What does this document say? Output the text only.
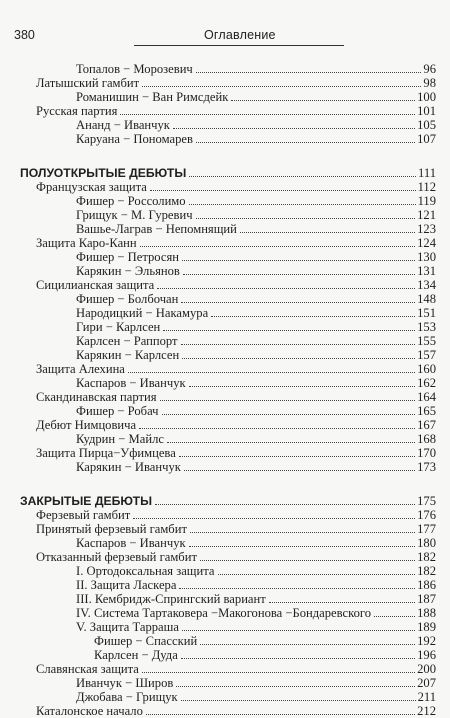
380	Оглавление
Топалов − Морозевич	96
Латышский гамбит	98
Романишин − Ван Римсдейк	100
Русская партия	101
Ананд − Иванчук	105
Каруана − Пономарев	107
ПОЛУОТКРЫТЫЕ ДЕБЮТЫ	111
Французская защита	112
Фишер − Россолимо	119
Грищук − М. Гуревич	121
Вашье-Лаграв − Непомнящий	123
Защита Каро-Канн	124
Фишер − Петросян	130
Карякин − Эльянов	131
Сицилианская защита	134
Фишер − Болбочан	148
Народицкий − Накамура	151
Гири − Карлсен	153
Карлсен − Раппорт	155
Карякин − Карлсен	157
Защита Алехина	160
Каспаров − Иванчук	162
Скандинавская партия	164
Фишер − Робач	165
Дебют Нимцовича	167
Кудрин − Майлс	168
Защита Пирца−Уфимцева	170
Карякин − Иванчук	173
ЗАКРЫТЫЕ ДЕБЮТЫ	175
Ферзевый гамбит	176
Принятый ферзевый гамбит	177
Каспаров − Иванчук	180
Отказанный ферзевый гамбит	182
I. Ортодоксальная защита	182
II. Защита Ласкера	186
III. Кембридж-Спрингский вариант	187
IV. Система Тартаковера −Макогонова −Бондаревского	188
V. Защита Тарраша	189
Фишер − Спасский	192
Карлсен − Дуда	196
Славянская защита	200
Иванчук − Широв	207
Джобава − Грищук	211
Каталонское начало	212
